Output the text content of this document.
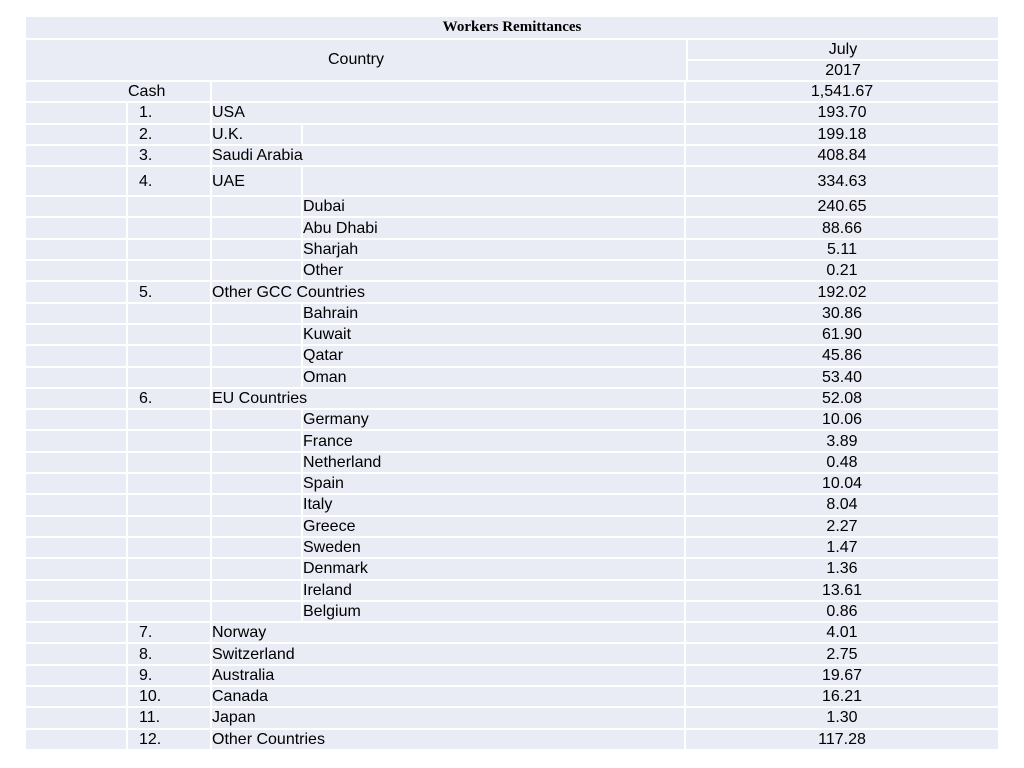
Workers Remittances
Country
July
2017
Cash	1,541.67
1.	USA	193.70
2.	U.K.	199.18
3.	Saudi Arabia	408.84
4.	UAE	334.63
Dubai	240.65
Abu Dhabi	88.66
Sharjah	5.11
Other	0.21
5.	Other GCC Countries	192.02
Bahrain	30.86
Kuwait	61.90
Qatar	45.86
Oman	53.40
6.	EU Countries	52.08
Germany	10.06
France	3.89
Netherland	0.48
Spain	10.04
Italy	8.04
Greece	2.27
Sweden	1.47
Denmark	1.36
Ireland	13.61
Belgium	0.86
7.	Norway	4.01
8.	Switzerland	2.75
9.	Australia	19.67
10.	Canada	16.21
11.	Japan	1.30
12.	Other Countries	117.28
